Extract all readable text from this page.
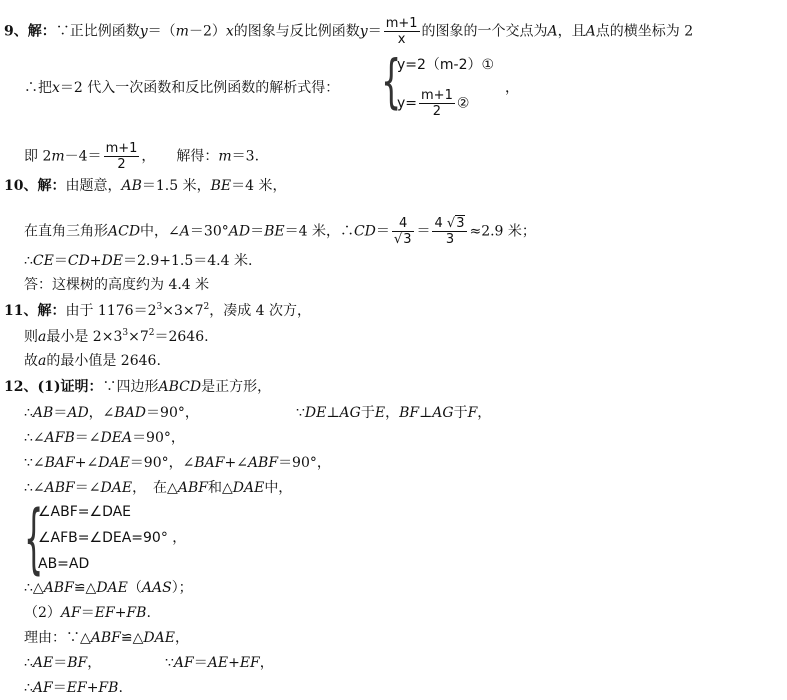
9、解：∵正比例函数y＝（m－2）x的图象与反比例函数$y= \frac{m+1}{x}$ 的图象的一个交点为A，且A点的横坐标为 2
∴把x＝2 代入一次函数和反比例函数的解析式得： {
y=2（m-2）①
$y= \frac{m+1}{2}$ ②
，
即 $2m-4= \frac{m+1}{2}$ ，　　解得：m＝3.
10、解：由题意，AB＝1.5 米，BE＝4 米，
在直角三角形ACD中，∠A＝30°AD＝BE＝4 米，∴CD＝ $\frac{4}{√3} = \frac{4 √3}{3} \approx 2.9$ 米；
∴CE＝CD+DE＝2.9+1.5＝4.4 米.
答：这棵树的高度约为 4.4 米
11、解：由于 $1176=2^3\times 3\times 7^2$，凑成 4 次方，
则a最小是 $2\times 3^3\times 7^2=2646$.
故a的最小值是 2646.
12、(1)证明：∵四边形ABCD是正方形，
∴AB＝AD，∠BAD＝90°，	∵DE⊥AG于E，BF⊥AG于F，
∴∠AFB＝∠DEA＝90°，
∵∠BAF+∠DAE＝90°，∠BAF+∠ABF＝90°，
∴∠ABF＝∠DAE，　在△ABF和△DAE中，
{
∠ABF=∠DAE
∠AFB=∠DEA=90° ，
AB=AD
∴△ABF≌△DAE（AAS）；
（2）AF＝EF+FB.
理由：∵△ABF≌△DAE，
∴AE＝BF，	∵AF＝AE+EF，
∴AF＝EF+FB.
